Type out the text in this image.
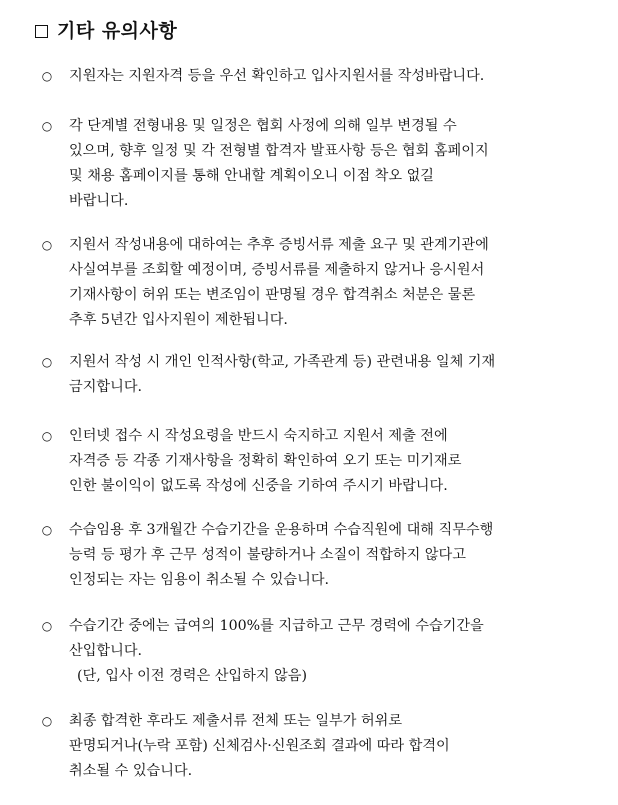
기타 유의사항
○	지원자는 지원자격 등을 우선 확인하고 입사지원서를 작성바랍니다.
○	각 단계별 전형내용 및 일정은 협회 사정에 의해 일부 변경될 수
있으며, 향후 일정 및 각 전형별 합격자 발표사항 등은 협회 홈페이지
및 채용 홈페이지를 통해 안내할 계획이오니 이점 착오 없길
바랍니다.
○	지원서 작성내용에 대하여는 추후 증빙서류 제출 요구 및 관계기관에
사실여부를 조회할 예정이며, 증빙서류를 제출하지 않거나 응시원서
기재사항이 허위 또는 변조임이 판명될 경우 합격취소 처분은 물론
추후 5년간 입사지원이 제한됩니다.
○	지원서 작성 시 개인 인적사항(학교, 가족관계 등) 관련내용 일체 기재
금지합니다.
○	인터넷 접수 시 작성요령을 반드시 숙지하고 지원서 제출 전에
자격증 등 각종 기재사항을 정확히 확인하여 오기 또는 미기재로
인한 불이익이 없도록 작성에 신중을 기하여 주시기 바랍니다.
○	수습임용 후 3개월간 수습기간을 운용하며 수습직원에 대해 직무수행
능력 등 평가 후 근무 성적이 불량하거나 소질이 적합하지 않다고
인정되는 자는 임용이 취소될 수 있습니다.
○	수습기간 중에는 급여의 100%를 지급하고 근무 경력에 수습기간을
산입합니다.
(단, 입사 이전 경력은 산입하지 않음)
○	최종 합격한 후라도 제출서류 전체 또는 일부가 허위로
판명되거나(누락 포함) 신체검사·신원조회 결과에 따라 합격이
취소될 수 있습니다.
